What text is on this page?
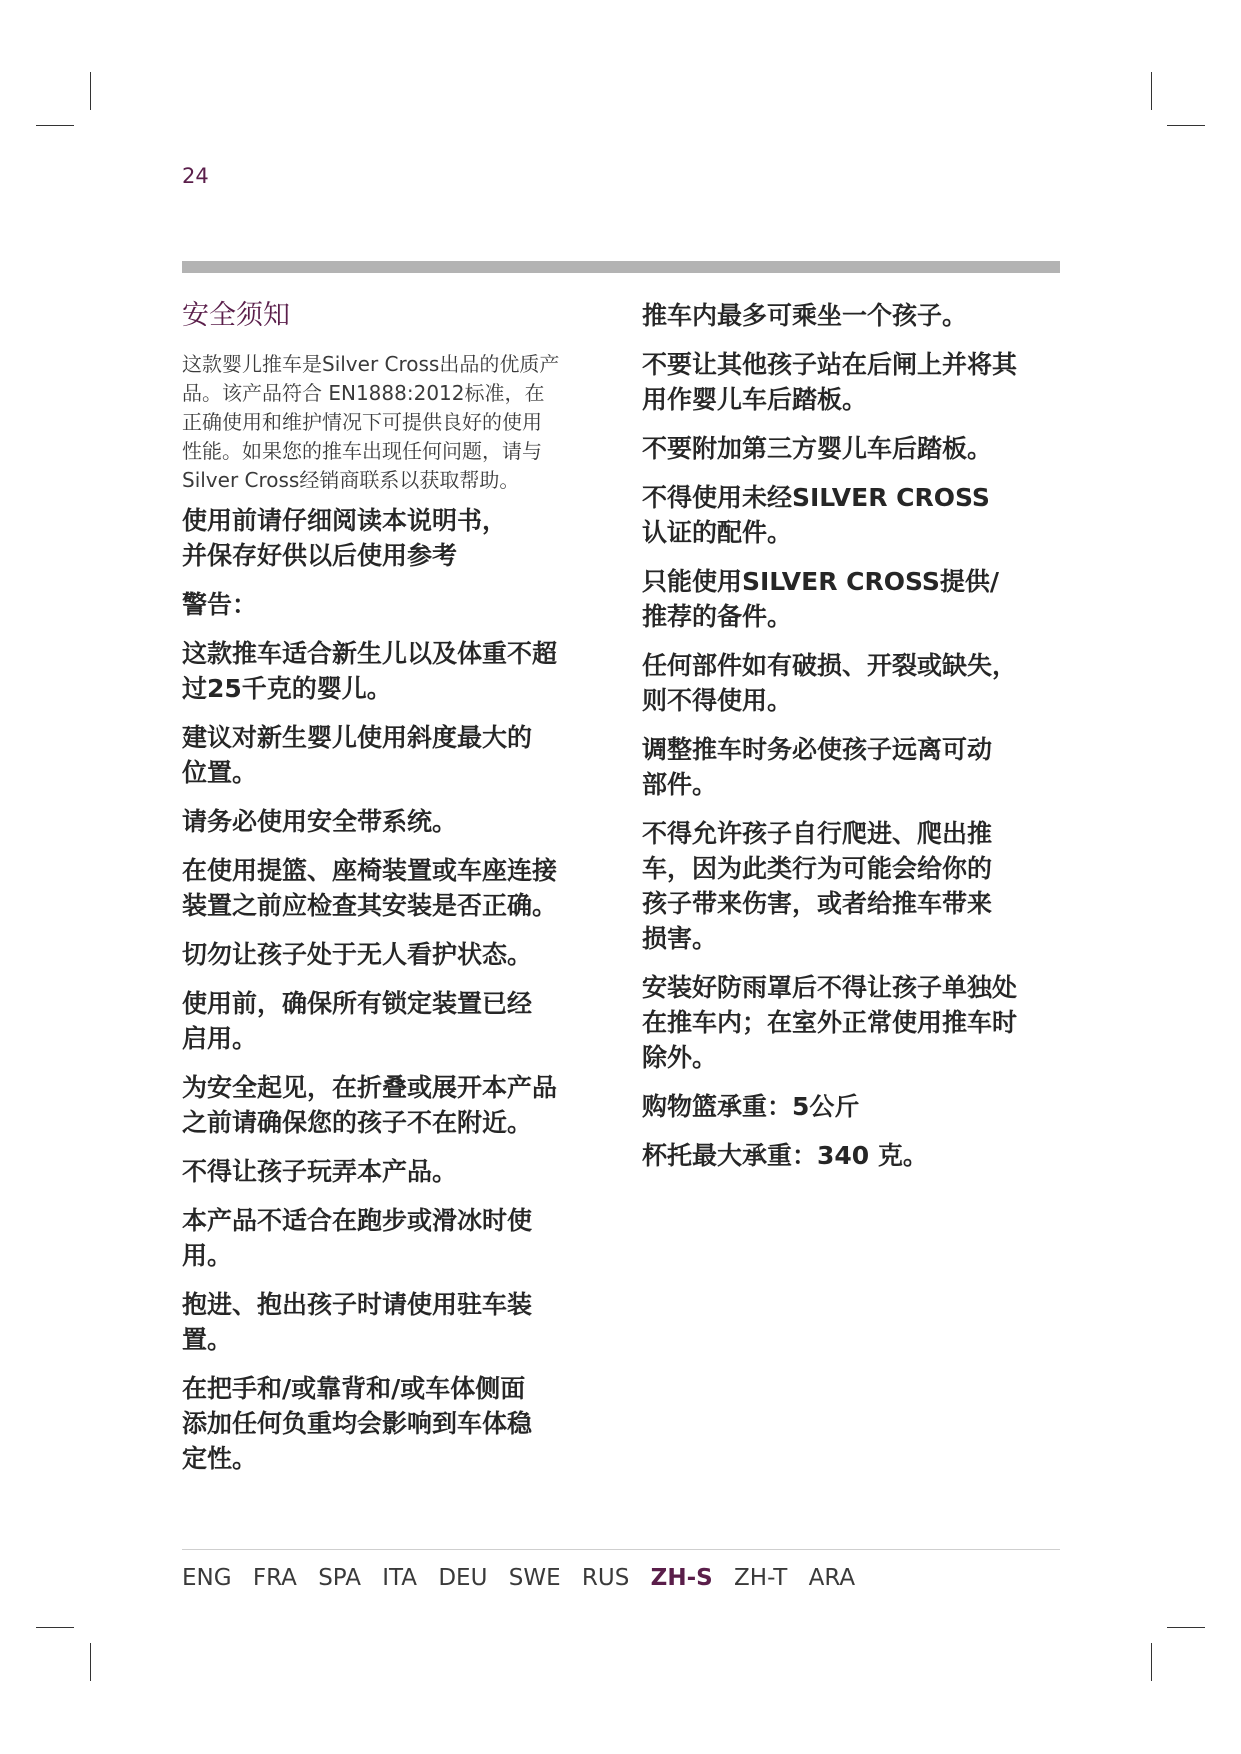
24
安全须知
这款婴儿推车是Silver Cross出品的优质产
品。该产品符合 EN1888:2012标准，在
正确使用和维护情况下可提供良好的使用
性能。如果您的推车出现任何问题，请与
Silver Cross经销商联系以获取帮助。
使用前请仔细阅读本说明书，
并保存好供以后使用参考
警告：
这款推车适合新生儿以及体重不超
过25千克的婴儿。
建议对新生婴儿使用斜度最大的
位置。
请务必使用安全带系统。
在使用提篮、座椅装置或车座连接
装置之前应检查其安装是否正确。
切勿让孩子处于无人看护状态。
使用前，确保所有锁定装置已经
启用。
为安全起见，在折叠或展开本产品
之前请确保您的孩子不在附近。
不得让孩子玩弄本产品。
本产品不适合在跑步或滑冰时使
用。
抱进、抱出孩子时请使用驻车装
置。
在把手和/或靠背和/或车体侧面
添加任何负重均会影响到车体稳
定性。
推车内最多可乘坐一个孩子。
不要让其他孩子站在后闸上并将其
用作婴儿车后踏板。
不要附加第三方婴儿车后踏板。
不得使用未经SILVER CROSS
认证的配件。
只能使用SILVER CROSS提供/
推荐的备件。
任何部件如有破损、开裂或缺失，
则不得使用。
调整推车时务必使孩子远离可动
部件。
不得允许孩子自行爬进、爬出推
车，因为此类行为可能会给你的
孩子带来伤害，或者给推车带来
损害。
安装好防雨罩后不得让孩子单独处
在推车内；在室外正常使用推车时
除外。
购物篮承重：5公斤
杯托最大承重：340 克。
ENG FRA SPA ITA DEU SWE RUS ZH-S ZH-T ARA
